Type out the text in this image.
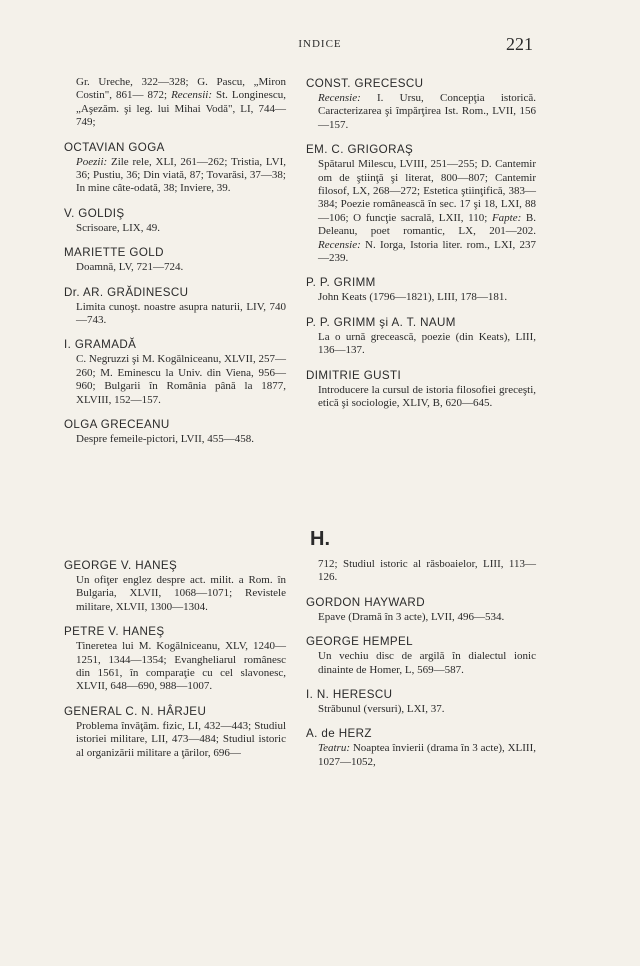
INDICE	221
Gr. Ureche, 322—328; G. Pascu, „Miron Costin", 861— 872; Recensii: St. Longinescu, „Aşezăm. şi leg. lui Mihai Vodă", LI, 744—749;
OCTAVIAN GOGA
Poezii: Zile rele, XLI, 261—262; Tristia, LVI, 36; Pustiu, 36; Din viată, 87; Tovarăsi, 37—38; In mine câte-odată, 38; Inviere, 39.
V. GOLDIŞ
Scrisoare, LIX, 49.
MARIETTE GOLD
Doamnă, LV, 721—724.
Dr. AR. GRĂDINESCU
Limita cunoşt. noastre asupra naturii, LIV, 740—743.
I. GRAMADĂ
C. Negruzzi şi M. Kogălniceanu, XLVII, 257—260; M. Eminescu la Univ. din Viena, 956—960; Bulgarii în România până la 1877, XLVIII, 152—157.
OLGA GRECEANU
Despre femeile-pictori, LVII, 455—458.
CONST. GRECESCU
Recensie: I. Ursu, Concepţia istorică. Caracterizarea şi împărţirea Ist. Rom., LVII, 156—157.
EM. C. GRIGORAŞ
Spătarul Milescu, LVIII, 251—255; D. Cantemir om de ştiinţă şi literat, 800—807; Cantemir filosof, LX, 268—272; Estetica ştiinţifică, 383—384; Poezie românească în sec. 17 şi 18, LXI, 88—106; O funcţie sacrală, LXII, 110; Fapte: B. Deleanu, poet romantic, LX, 201—202. Recensie: N. Iorga, Istoria liter. rom., LXI, 237—239.
P. P. GRIMM
John Keats (1796—1821), LIII, 178—181.
P. P. GRIMM şi A. T. NAUM
La o urnă grecească, poezie (din Keats), LIII, 136—137.
DIMITRIE GUSTI
Introducere la cursul de istoria filosofiei greceşti, etică şi sociologie, XLIV, B, 620—645.
H.
GEORGE V. HANEŞ
Un ofiţer englez despre act. milit. a Rom. în Bulgaria, XLVII, 1068—1071; Revistele militare, XLVII, 1300—1304.
PETRE V. HANEŞ
Tineretea lui M. Kogălniceanu, XLV, 1240—1251, 1344—1354; Evangheliarul românesc din 1561, în comparaţie cu cel slavonesc, XLVII, 648—690, 988—1007.
GENERAL C. N. HÂRJEU
Problema învăţăm. fizic, LI, 432—443; Studiul istoriei militare, LII, 473—484; Studiul istoric al organizării militare a ţărilor, 696—
712; Studiul istoric al răsboaielor, LIII, 113—126.
GORDON HAYWARD
Epave (Dramă în 3 acte), LVII, 496—534.
GEORGE HEMPEL
Un vechiu disc de argilă în dialectul ionic dinainte de Homer, L, 569—587.
I. N. HERESCU
Străbunul (versuri), LXI, 37.
A. de HERZ
Teatru: Noaptea învierii (drama în 3 acte), XLIII, 1027—1052,
